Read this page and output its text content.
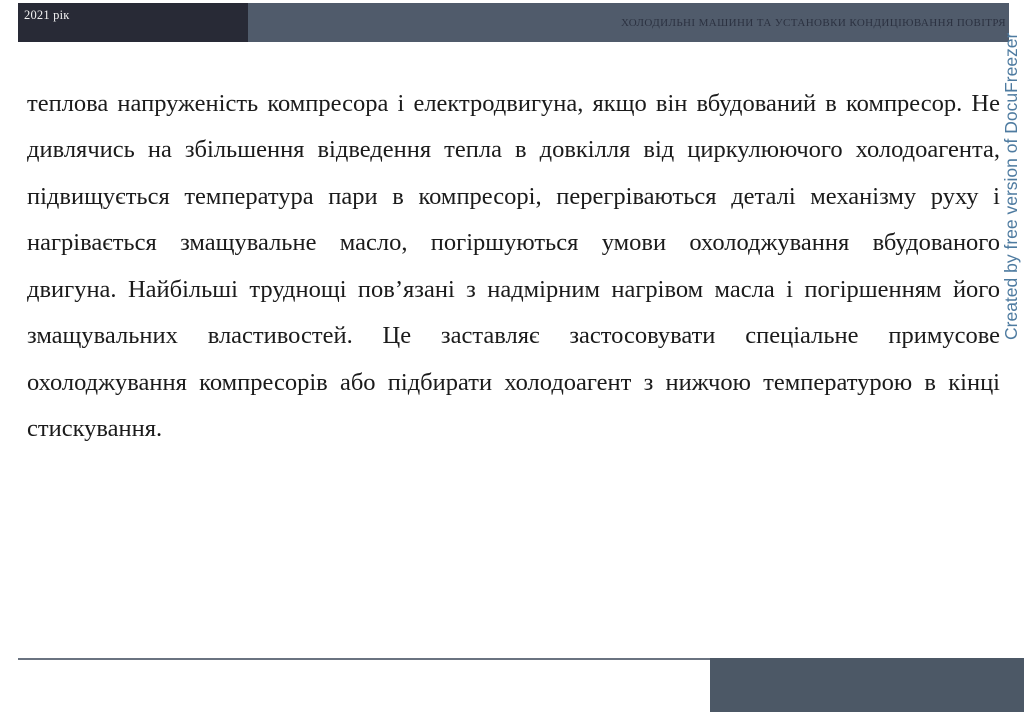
2021 рік
ХОЛОДИЛЬНІ МАШИНИ ТА УСТАНОВКИ КОНДИЦІЮВАННЯ ПОВІТРЯ
Created by free version of DocuFreezer

теплова напруженість компресора і електродвигуна, якщо він вбудований в компресор. Не дивлячись на збільшення відведення тепла в довкілля від циркулюючого холодоагента, підвищується температура пари в компресорі, перегріваються деталі механізму руху і нагрівається змащувальне масло, погіршуються умови охолоджування вбудованого двигуна. Найбільші труднощі пов’язані з надмірним нагрівом масла і погіршенням його змащувальних властивостей. Це заставляє застосовувати спеціальне примусове охолоджування компресорів або підбирати холодоагент з нижчою температурою в кінці стискування.
